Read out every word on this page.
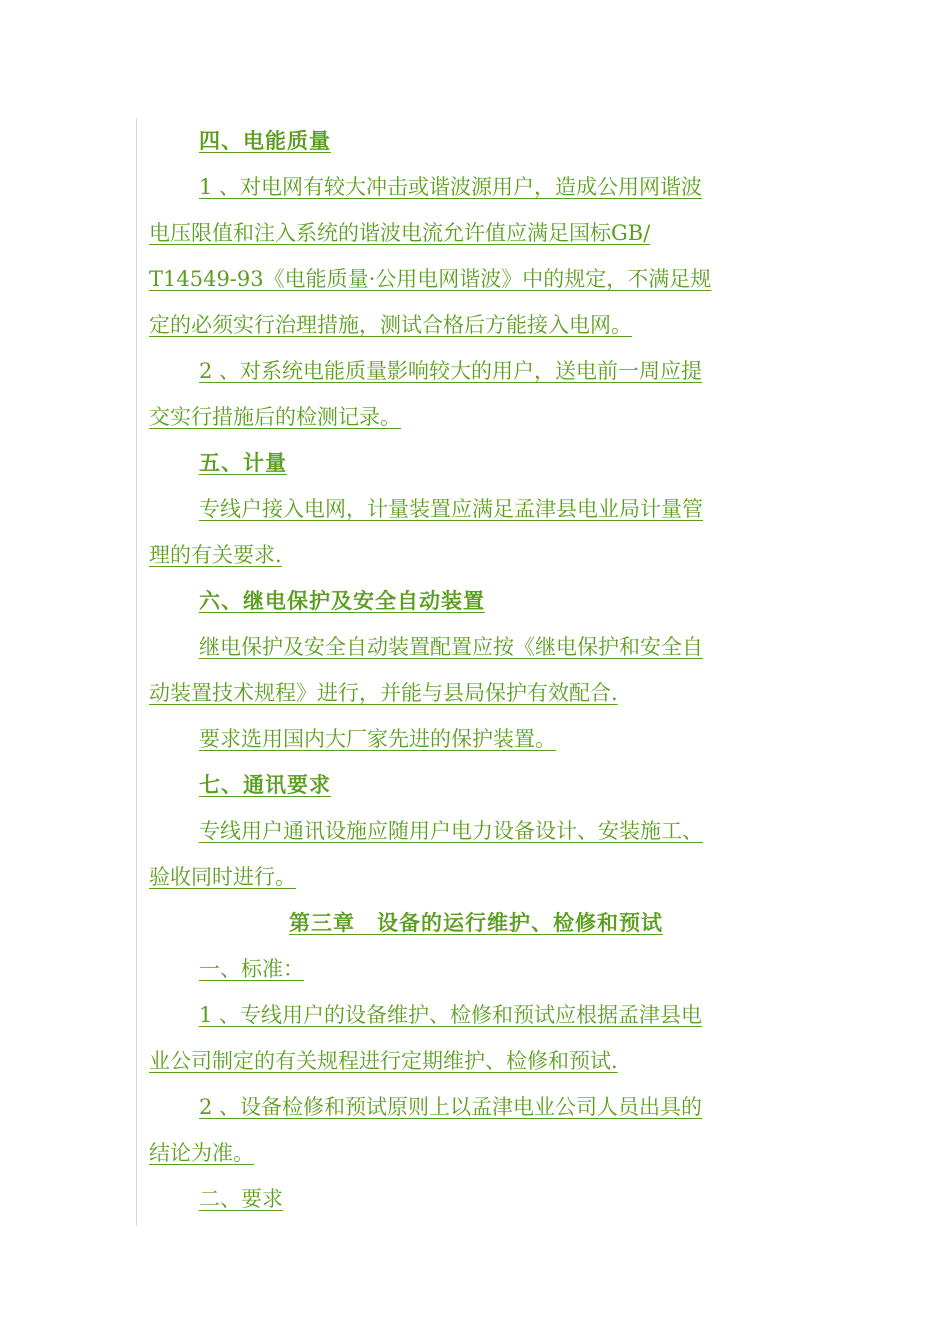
四、电能质量
1 、对电网有较大冲击或谐波源用户，造成公用网谐波
电压限值和注入系统的谐波电流允许值应满足国标GB/
T14549-93《电能质量·公用电网谐波》中的规定，不满足规
定的必须实行治理措施，测试合格后方能接入电网。
2 、对系统电能质量影响较大的用户，送电前一周应提
交实行措施后的检测记录。
五、计量
专线户接入电网，计量装置应满足孟津县电业局计量管
理的有关要求.
六、继电保护及安全自动装置
继电保护及安全自动装置配置应按《继电保护和安全自
动装置技术规程》进行，并能与县局保护有效配合.
要求选用国内大厂家先进的保护装置。
七、通讯要求
专线用户通讯设施应随用户电力设备设计、安装施工、
验收同时进行。
第三章　设备的运行维护、检修和预试
一、标准：
1 、专线用户的设备维护、检修和预试应根据孟津县电
业公司制定的有关规程进行定期维护、检修和预试.
2 、设备检修和预试原则上以孟津电业公司人员出具的
结论为准。
二、要求
